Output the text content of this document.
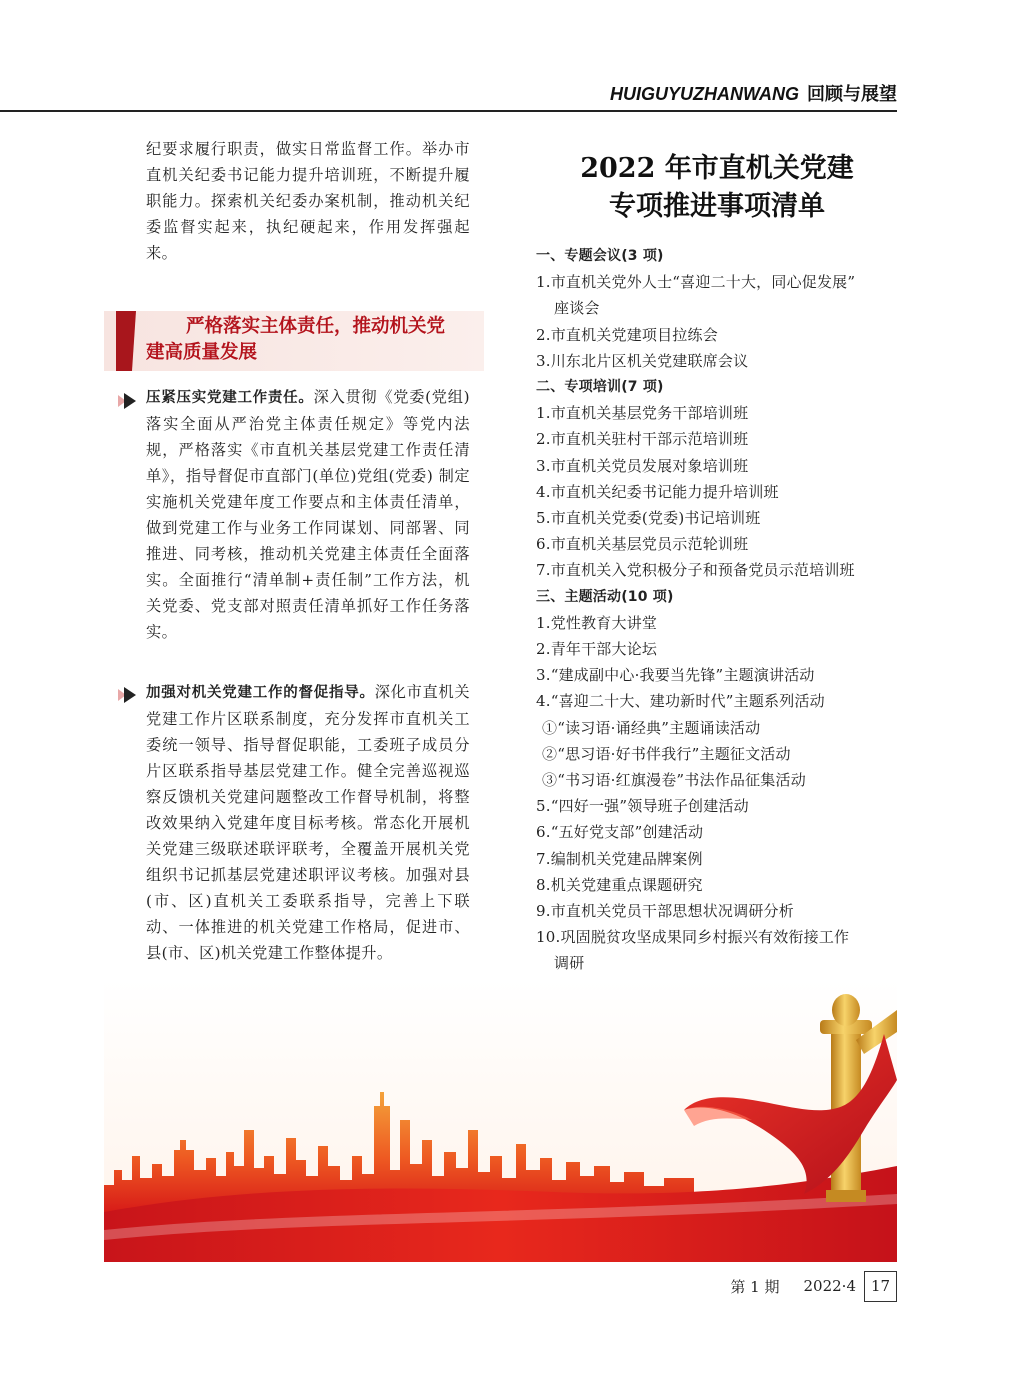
HUIGUYUZHANWANG 回顾与展望

纪要求履行职责，做实日常监督工作。举办市直机关纪委书记能力提升培训班，不断提升履职能力。探索机关纪委办案机制，推动机关纪委监督实起来，执纪硬起来，作用发挥强起来。

严格落实主体责任，推动机关党
建高质量发展

压紧压实党建工作责任。深入贯彻《党委(党组)落实全面从严治党主体责任规定》等党内法规，严格落实《市直机关基层党建工作责任清单》，指导督促市直部门(单位)党组(党委) 制定实施机关党建年度工作要点和主体责任清单，做到党建工作与业务工作同谋划、同部署、同推进、同考核，推动机关党建主体责任全面落实。全面推行“清单制+责任制”工作方法，机关党委、党支部对照责任清单抓好工作任务落实。

加强对机关党建工作的督促指导。深化市直机关党建工作片区联系制度，充分发挥市直机关工委统一领导、指导督促职能，工委班子成员分片区联系指导基层党建工作。健全完善巡视巡察反馈机关党建问题整改工作督导机制，将整改效果纳入党建年度目标考核。常态化开展机关党建三级联述联评联考，全覆盖开展机关党组织书记抓基层党建述职评议考核。加强对县(市、区)直机关工委联系指导，完善上下联动、一体推进的机关党建工作格局，促进市、县(市、区)机关党建工作整体提升。

2022 年市直机关党建
专项推进事项清单
一、专题会议(3 项)
1.市直机关党外人士“喜迎二十大，同心促发展”
座谈会
2.市直机关党建项目拉练会
3.川东北片区机关党建联席会议
二、专项培训(7 项)
1.市直机关基层党务干部培训班
2.市直机关驻村干部示范培训班
3.市直机关党员发展对象培训班
4.市直机关纪委书记能力提升培训班
5.市直机关党委(党委)书记培训班
6.市直机关基层党员示范轮训班
7.市直机关入党积极分子和预备党员示范培训班
三、主题活动(10 项)
1.党性教育大讲堂
2.青年干部大论坛
3.“建成副中心·我要当先锋”主题演讲活动
4.“喜迎二十大、建功新时代”主题系列活动
①“读习语·诵经典”主题诵读活动
②“思习语·好书伴我行”主题征文活动
③“书习语·红旗漫卷”书法作品征集活动
5.“四好一强”领导班子创建活动
6.“五好党支部”创建活动
7.编制机关党建品牌案例
8.机关党建重点课题研究
9.市直机关党员干部思想状况调研分析
10.巩固脱贫攻坚成果同乡村振兴有效衔接工作
调研
第 1 期 2022·4 17
